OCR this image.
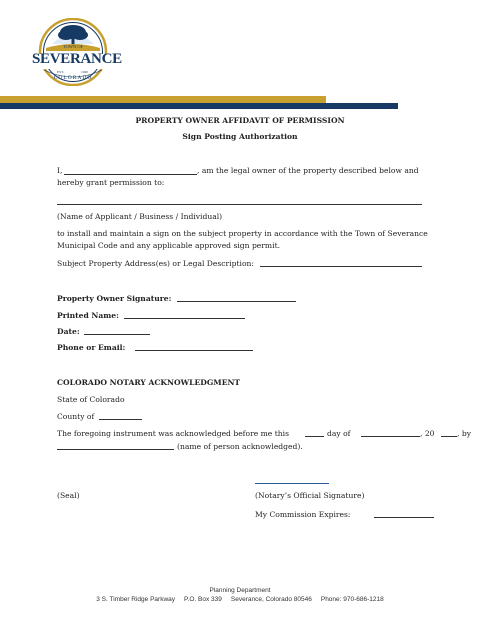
TOWN OF
SEVERANCE
EST.	1920
COLORADO
PROPERTY OWNER AFFIDAVIT OF PERMISSION
Sign Posting Authorization
I,	, am the legal owner of the property described below and
hereby grant permission to:
(Name of Applicant / Business / Individual)
to install and maintain a sign on the subject property in accordance with the Town of Severance
Municipal Code and any applicable approved sign permit.
Subject Property Address(es) or Legal Description:
Property Owner Signature:
Printed Name:
Date:
Phone or Email:
COLORADO NOTARY ACKNOWLEDGMENT
State of Colorado
County of
The foregoing instrument was acknowledged before me this	day of	, 20	, by
(name of person acknowledged).
(Seal)	(Notary’s Official Signature)
My Commission Expires:
Planning Department
3 S. Timber Ridge Parkway     P.O. Box 339     Severance, Colorado 80546     Phone: 970-686-1218
